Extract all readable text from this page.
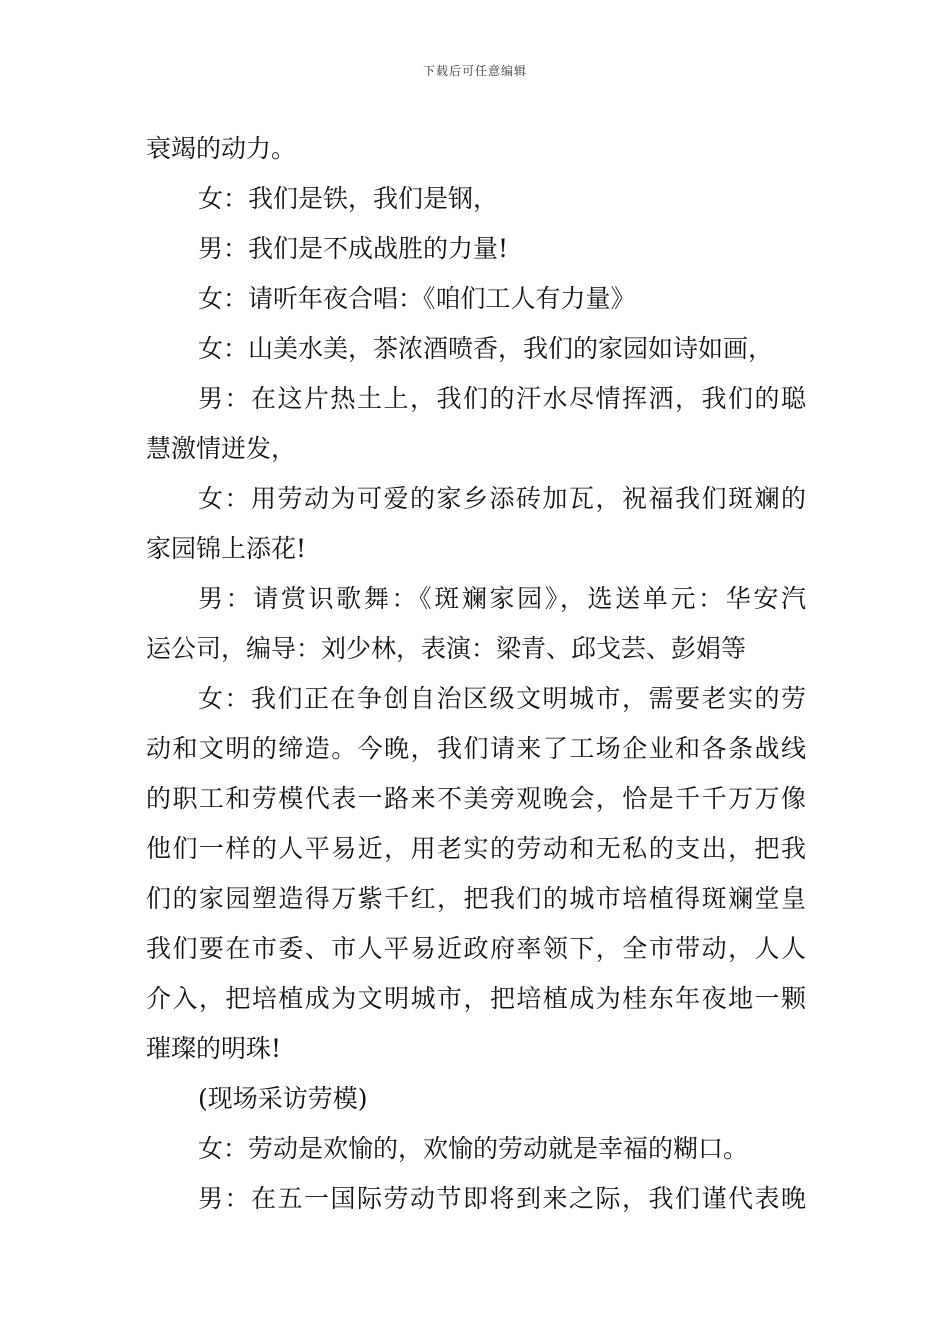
下载后可任意编辑
衰竭的动力。
女：我们是铁，我们是钢，
男：我们是不成战胜的力量!
女：请听年夜合唱：《咱们工人有力量》
女：山美水美，茶浓酒喷香，我们的家园如诗如画，
男：在这片热土上，我们的汗水尽情挥洒，我们的聪
慧激情迸发，
女：用劳动为可爱的家乡添砖加瓦，祝福我们斑斓的
家园锦上添花!
男：请赏识歌舞：《斑斓家园》，选送单元：华安汽
运公司，编导：刘少林，表演：梁青、邱戈芸、彭娟等
女：我们正在争创自治区级文明城市，需要老实的劳
动和文明的缔造。今晚，我们请来了工场企业和各条战线
的职工和劳模代表一路来不美旁观晚会，恰是千千万万像
他们一样的人平易近，用老实的劳动和无私的支出，把我
们的家园塑造得万紫千红，把我们的城市培植得斑斓堂皇
我们要在市委、市人平易近政府率领下，全市带动，人人
介入，把培植成为文明城市，把培植成为桂东年夜地一颗
璀璨的明珠!
(现场采访劳模)
女：劳动是欢愉的，欢愉的劳动就是幸福的糊口。
男：在五一国际劳动节即将到来之际，我们谨代表晚
